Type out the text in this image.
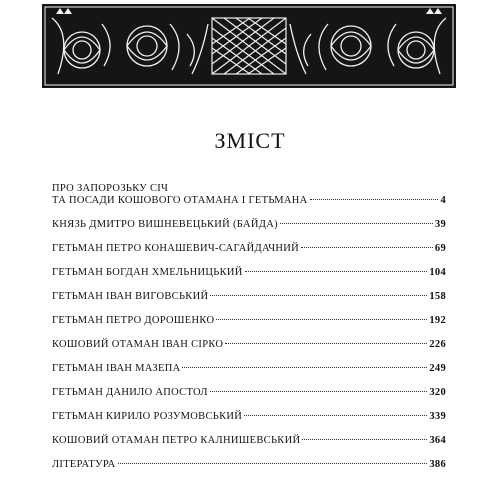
ЗМІСТ
ПРО ЗАПОРОЗЬКУ СІЧ
ТА ПОСАДИ КОШОВОГО ОТАМАНА І ГЕТЬМАНА	4
КНЯЗЬ ДМИТРО ВИШНЕВЕЦЬКИЙ (БАЙДА)	39
ГЕТЬМАН ПЕТРО КОНАШЕВИЧ-САГАЙДАЧНИЙ	69
ГЕТЬМАН БОГДАН ХМЕЛЬНИЦЬКИЙ	104
ГЕТЬМАН ІВАН ВИГОВСЬКИЙ	158
ГЕТЬМАН ПЕТРО ДОРОШЕНКО	192
КОШОВИЙ ОТАМАН ІВАН СІРКО	226
ГЕТЬМАН ІВАН МАЗЕПА	249
ГЕТЬМАН ДАНИЛО АПОСТОЛ	320
ГЕТЬМАН КИРИЛО РОЗУМОВСЬКИЙ	339
КОШОВИЙ ОТАМАН ПЕТРО КАЛНИШЕВСЬКИЙ	364
ЛІТЕРАТУРА	386
